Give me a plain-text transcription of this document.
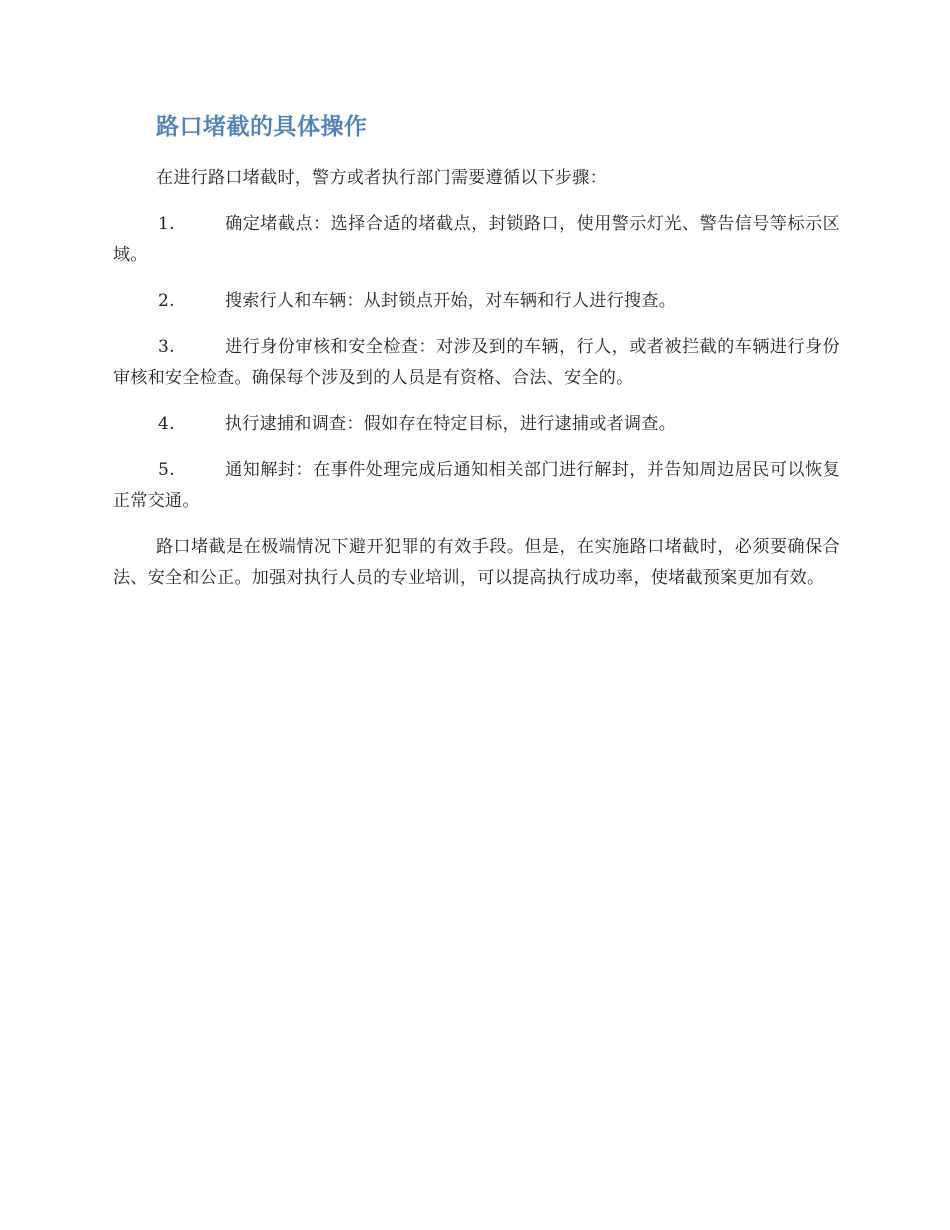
路口堵截的具体操作

在进行路口堵截时，警方或者执行部门需要遵循以下步骤：

1.	确定堵截点：选择合适的堵截点，封锁路口，使用警示灯光、警告信号等标示区域。

2.	搜索行人和车辆：从封锁点开始，对车辆和行人进行搜查。

3.	进行身份审核和安全检查：对涉及到的车辆，行人，或者被拦截的车辆进行身份审核和安全检查。确保每个涉及到的人员是有资格、合法、安全的。

4.	执行逮捕和调查：假如存在特定目标，进行逮捕或者调查。

5.	通知解封：在事件处理完成后通知相关部门进行解封，并告知周边居民可以恢复正常交通。

路口堵截是在极端情况下避开犯罪的有效手段。但是，在实施路口堵截时，必须要确保合法、安全和公正。加强对执行人员的专业培训，可以提高执行成功率，使堵截预案更加有效。
